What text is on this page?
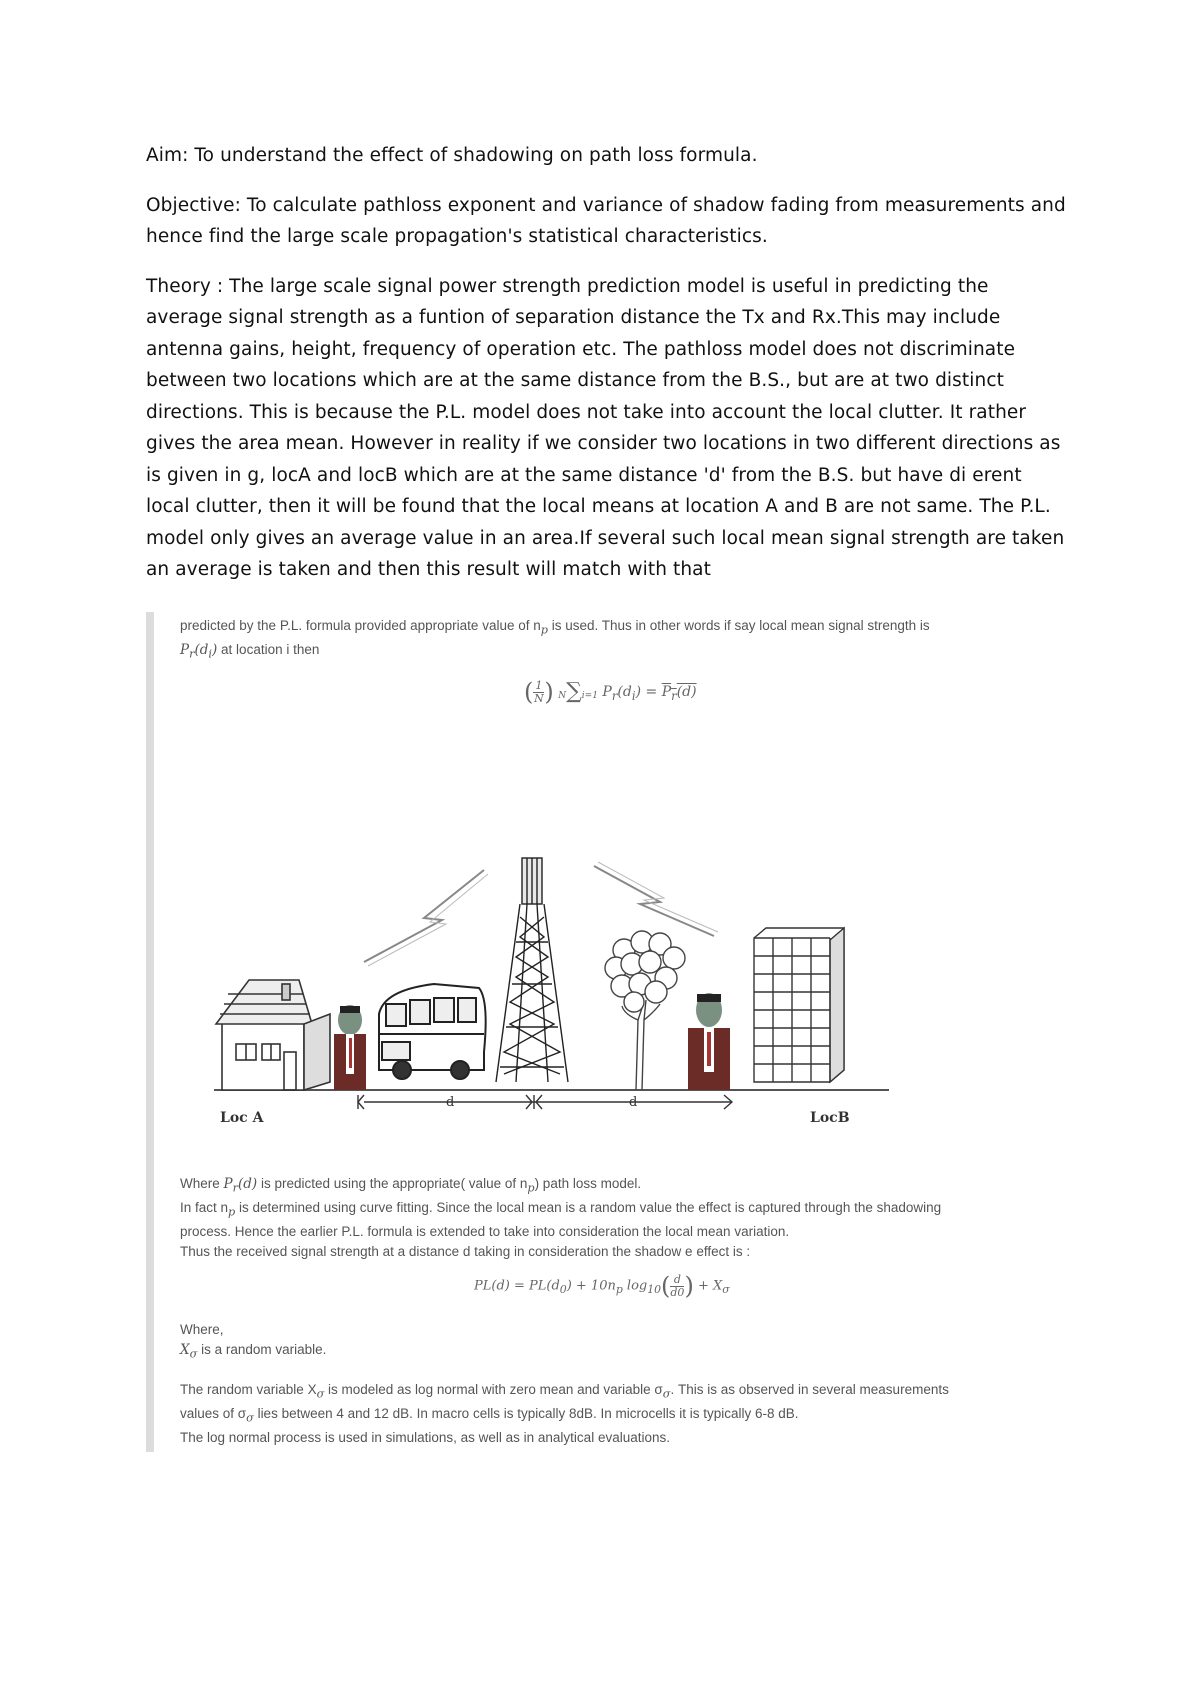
Aim: To understand the effect of shadowing on path loss formula.

Objective: To calculate pathloss exponent and variance of shadow fading from measurements and hence find the large scale propagation's statistical characteristics.

Theory : The large scale signal power strength prediction model is useful in predicting the average signal strength as a funtion of separation distance the Tx and Rx.This may include antenna gains, height, frequency of operation etc. The pathloss model does not discriminate between two locations which are at the same distance from the B.S., but are at two distinct directions. This is because the P.L. model does not take into account the local clutter. It rather gives the area mean. However in reality if we consider two locations in two different directions as is given in g, locA and locB which are at the same distance 'd' from the B.S. but have di erent local clutter, then it will be found that the local means at location A and B are not same. The P.L. model only gives an average value in an area.If several such local mean signal strength are taken an average is taken and then this result will match with that

predicted by the P.L. formula provided appropriate value of $n_p$ is used. Thus in other words if say local mean signal strength is

$P_r(d_i)$ at location i then

( $\frac{1}{N}$ ) N∑i=1 $P_r(d_i) = P_r(d)$
d	d
Loc A	LocB

Where $P_r(d)$ is predicted using the appropriate( value of $n_p$) path loss model.

In fact $n_p$ is determined using curve fitting. Since the local mean is a random value the effect is captured through the shadowing

process. Hence the earlier P.L. formula is extended to take into consideration the local mean variation.

Thus the received signal strength at a distance d taking in consideration the shadow e effect is :

$PL(d) = PL(d_0) + 10n_p$ $\log_{10}( \frac{d}{d0}$ ) + $X_\sigma$

Where,

$X_\sigma$ is a random variable.

The random variable $X_\sigma$ is modeled as log normal with zero mean and variable $\sigma_\sigma$. This is as observed in several measurements

values of $\sigma_\sigma$ lies between 4 and 12 dB. In macro cells is typically 8dB. In microcells it is typically 6-8 dB.

The log normal process is used in simulations, as well as in analytical evaluations.
